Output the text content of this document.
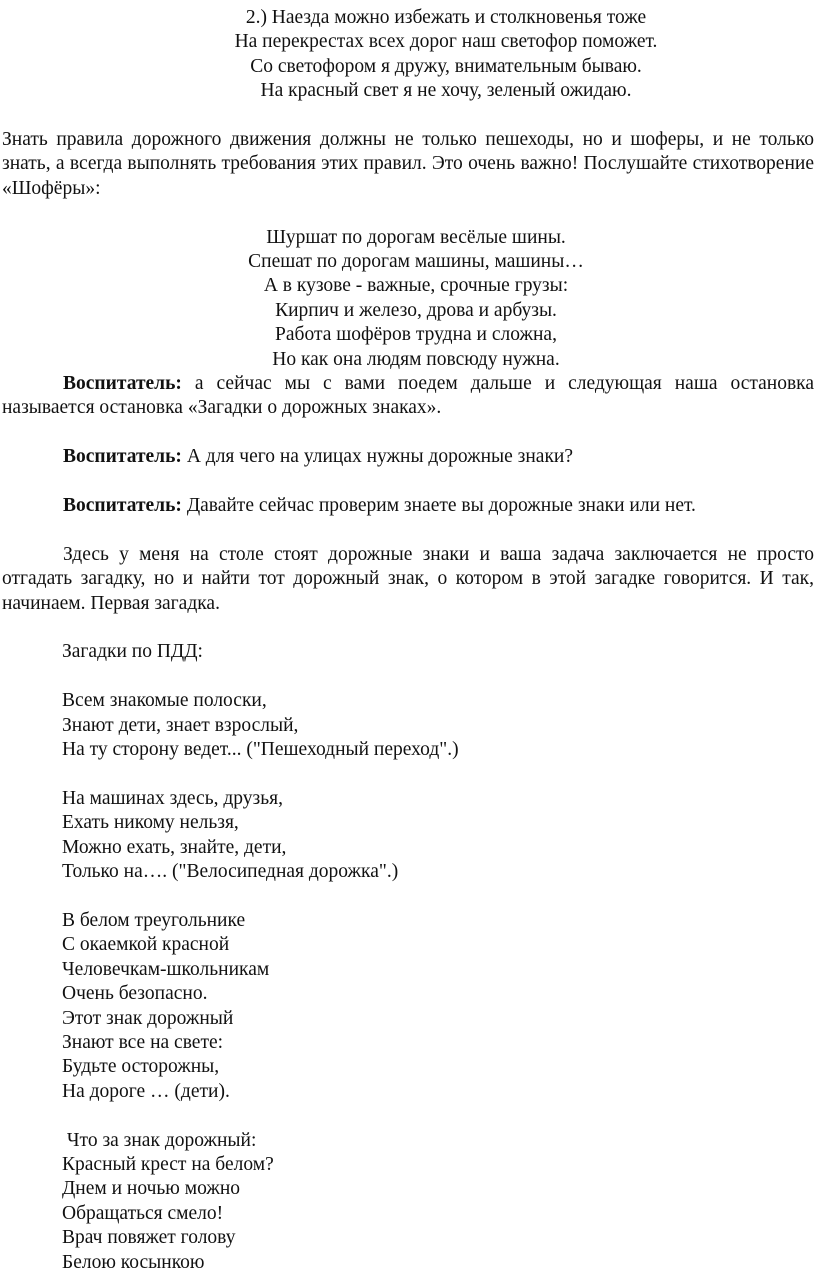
2.) Наезда можно избежать и столкновенья тоже
На перекрестах всех дорог наш светофор поможет.
Со светофором я дружу, внимательным бываю.
На красный свет я не хочу, зеленый ожидаю.

Знать правила дорожного движения должны не только пешеходы, но и шоферы, и не только знать, а всегда выполнять требования этих правил. Это очень важно! Послушайте стихотворение «Шофёры»:

Шуршат по дорогам весёлые шины.
Спешат по дорогам машины, машины…
А в кузове - важные, срочные грузы:
Кирпич и железо, дрова и арбузы.
Работа шофёров трудна и сложна,
Но как она людям повсюду нужна.

Воспитатель: а сейчас мы с вами поедем дальше и следующая наша остановка называется остановка «Загадки о дорожных знаках».

Воспитатель: А для чего на улицах нужны дорожные знаки?

Воспитатель: Давайте сейчас проверим знаете вы дорожные знаки или нет.

Здесь у меня на столе стоят дорожные знаки и ваша задача заключается не просто отгадать загадку, но и найти тот дорожный знак, о котором в этой загадке говорится. И так, начинаем. Первая загадка.

Загадки по ПДД:
Всем знакомые полоски,
Знают дети, знает взрослый,
На ту сторону ведет... ("Пешеходный переход".)
На машинах здесь, друзья,
Ехать никому нельзя,
Можно ехать, знайте, дети,
Только на…. ("Велосипедная дорожка".)
В белом треугольнике
С окаемкой красной
Человечкам-школьникам
Очень безопасно.
Этот знак дорожный
Знают все на свете:
Будьте осторожны,
На дороге … (дети).
Что за знак дорожный:
Красный крест на белом?
Днем и ночью можно
Обращаться смело!
Врач повяжет голову
Белою косынкою
